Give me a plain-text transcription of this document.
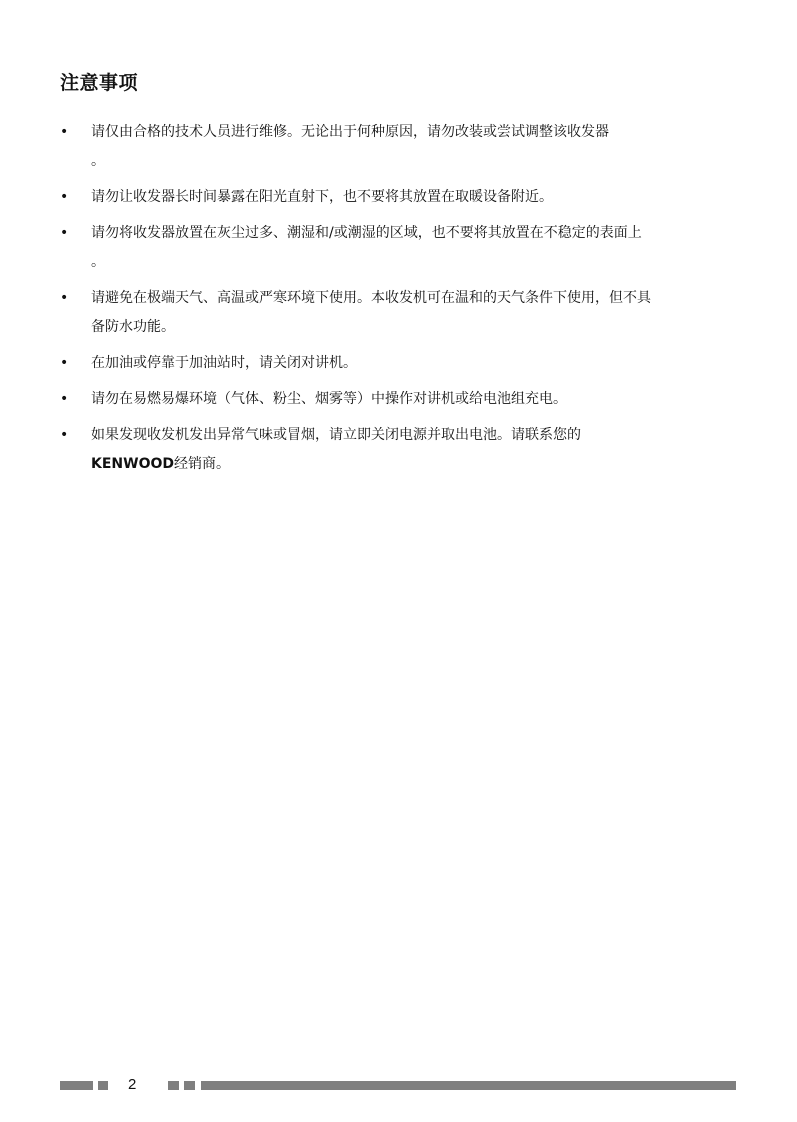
注意事项
• 请仅由合格的技术人员进行维修。无论出于何种原因，请勿改装或尝试调整该收发器
。
• 请勿让收发器长时间暴露在阳光直射下，也不要将其放置在取暖设备附近。
• 请勿将收发器放置在灰尘过多、潮湿和/或潮湿的区域，也不要将其放置在不稳定的表面上
。
• 请避免在极端天气、高温或严寒环境下使用。本收发机可在温和的天气条件下使用，但不具
备防水功能。
• 在加油或停靠于加油站时，请关闭对讲机。
• 请勿在易燃易爆环境（气体、粉尘、烟雾等）中操作对讲机或给电池组充电。
• 如果发现收发机发出异常气味或冒烟，请立即关闭电源并取出电池。请联系您的
KENWOOD经销商。
2
